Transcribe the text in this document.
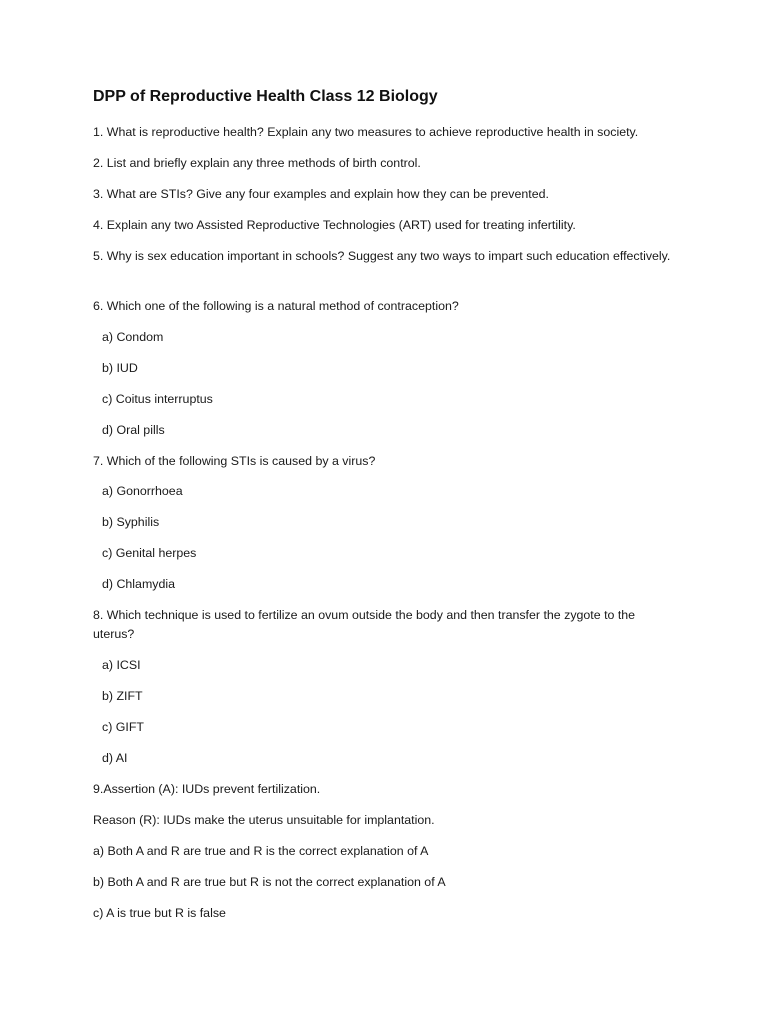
DPP of Reproductive Health Class 12 Biology
1. What is reproductive health? Explain any two measures to achieve reproductive health in society.
2. List and briefly explain any three methods of birth control.
3. What are STIs? Give any four examples and explain how they can be prevented.
4. Explain any two Assisted Reproductive Technologies (ART) used for treating infertility.
5. Why is sex education important in schools? Suggest any two ways to impart such education effectively.
6. Which one of the following is a natural method of contraception?
a) Condom
b) IUD
c) Coitus interruptus
d) Oral pills
7. Which of the following STIs is caused by a virus?
a) Gonorrhoea
b) Syphilis
c) Genital herpes
d) Chlamydia
8. Which technique is used to fertilize an ovum outside the body and then transfer the zygote to the uterus?
a) ICSI
b) ZIFT
c) GIFT
d) AI
9.Assertion (A): IUDs prevent fertilization.
Reason (R): IUDs make the uterus unsuitable for implantation.
a) Both A and R are true and R is the correct explanation of A
b) Both A and R are true but R is not the correct explanation of A
c) A is true but R is false
